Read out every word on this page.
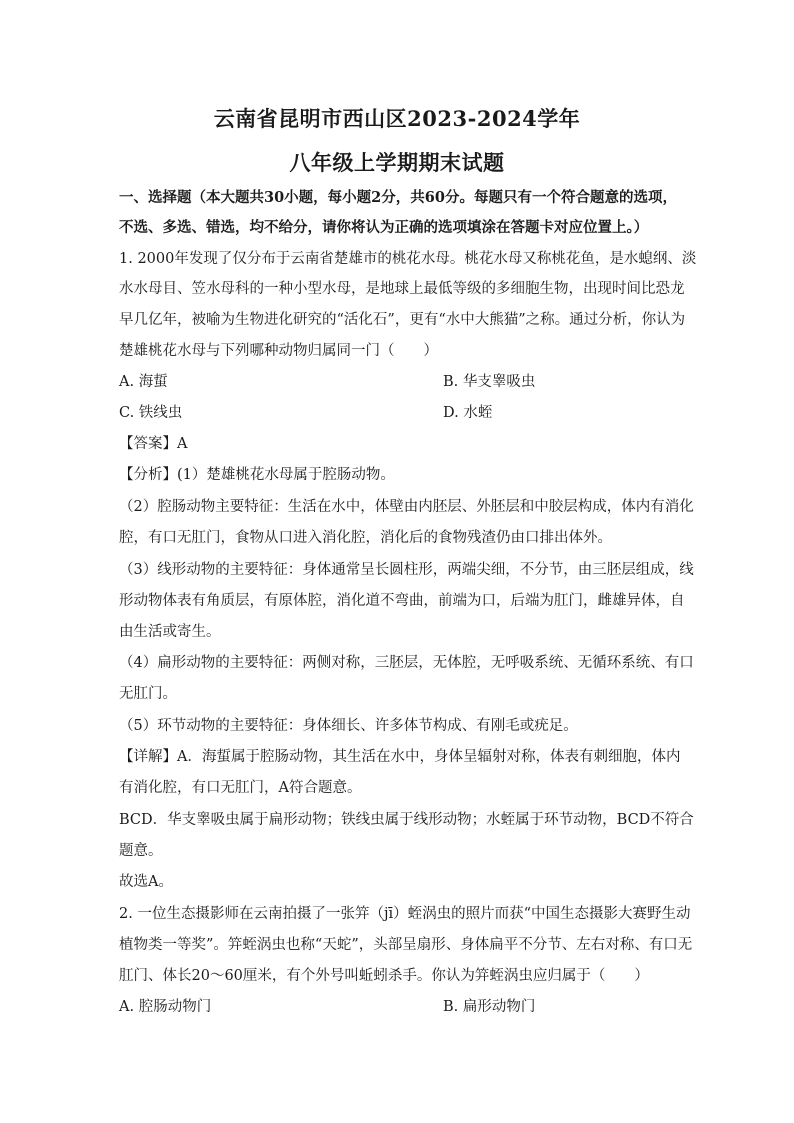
云南省昆明市西山区2023-2024学年
八年级上学期期末试题
一、选择题（本大题共30小题，每小题2分，共60分。每题只有一个符合题意的选项，
不选、多选、错选，均不给分，请你将认为正确的选项填涂在答题卡对应位置上。）
1. 2000年发现了仅分布于云南省楚雄市的桃花水母。桃花水母又称桃花鱼，是水螅纲、淡
水水母目、笠水母科的一种小型水母，是地球上最低等级的多细胞生物，出现时间比恐龙
早几亿年，被喻为生物进化研究的“活化石”，更有“水中大熊猫”之称。通过分析，你认为
楚雄桃花水母与下列哪种动物归属同一门（　　）
A. 海蜇	B. 华支睾吸虫
C. 铁线虫	D. 水蛭
【答案】A
【分析】(1）楚雄桃花水母属于腔肠动物。
（2）腔肠动物主要特征：生活在水中，体壁由内胚层、外胚层和中胶层构成，体内有消化
腔，有口无肛门，食物从口进入消化腔，消化后的食物残渣仍由口排出体外。
（3）线形动物的主要特征：身体通常呈长圆柱形，两端尖细，不分节，由三胚层组成，线
形动物体表有角质层，有原体腔，消化道不弯曲，前端为口，后端为肛门，雌雄异体，自
由生活或寄生。
（4）扁形动物的主要特征：两侧对称，三胚层，无体腔，无呼吸系统、无循环系统、有口
无肛门。
（5）环节动物的主要特征：身体细长、许多体节构成、有刚毛或疣足。
【详解】A．海蜇属于腔肠动物，其生活在水中，身体呈辐射对称，体表有刺细胞，体内
有消化腔，有口无肛门，A符合题意。
BCD．华支睾吸虫属于扁形动物；铁线虫属于线形动物；水蛭属于环节动物，BCD不符合
题意。
故选A。
2. 一位生态摄影师在云南拍摄了一张笄（jī）蛭涡虫的照片而获“中国生态摄影大赛野生动
植物类一等奖”。笄蛭涡虫也称“天蛇”，头部呈扇形、身体扁平不分节、左右对称、有口无
肛门、体长20～60厘米，有个外号叫蚯蚓杀手。你认为笄蛭涡虫应归属于（　　）
A. 腔肠动物门	B. 扁形动物门
